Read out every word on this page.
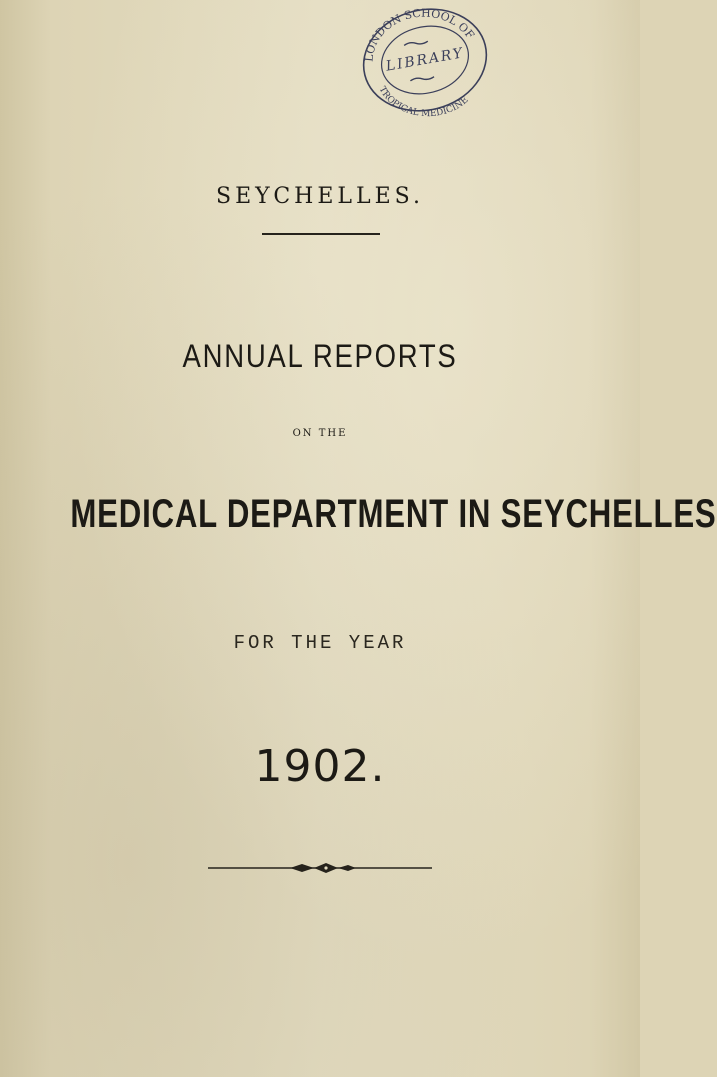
LONDON SCHOOL OF
TROPICAL MEDICINE
LIBRARY
SEYCHELLES.
ANNUAL REPORTS
ON THE
MEDICAL DEPARTMENT IN SEYCHELLES
FOR THE YEAR
1902.
